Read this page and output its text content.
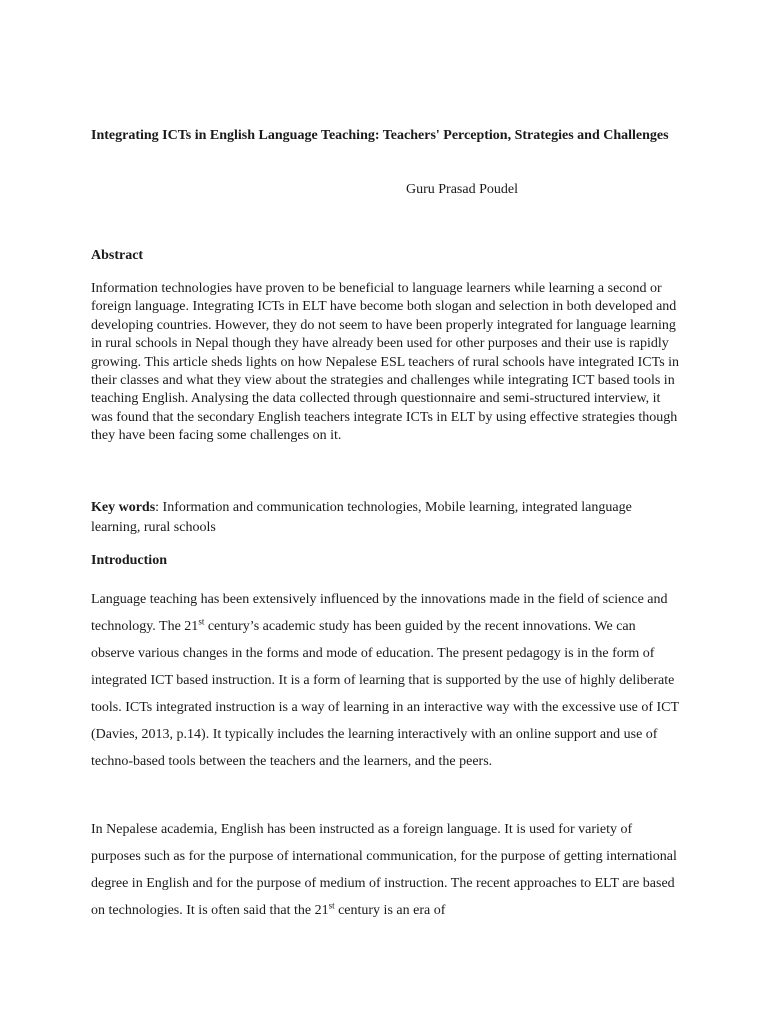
Integrating ICTs in English Language Teaching: Teachers' Perception, Strategies and Challenges
Guru Prasad Poudel
Abstract
Information technologies have proven to be beneficial to language learners while learning a second or foreign language. Integrating ICTs in ELT have become both slogan and selection in both developed and developing countries. However, they do not seem to have been properly integrated for language learning in rural schools in Nepal though they have already been used for other purposes and their use is rapidly growing. This article sheds lights on how Nepalese ESL teachers of rural schools have integrated ICTs in their classes and what they view about the strategies and challenges while integrating ICT based tools in teaching English. Analysing the data collected through questionnaire and semi-structured interview, it was found that the secondary English teachers integrate ICTs in ELT by using effective strategies though they have been facing some challenges on it.
Key words: Information and communication technologies, Mobile learning, integrated language learning, rural schools
Introduction
Language teaching has been extensively influenced by the innovations made in the field of science and technology. The 21st century’s academic study has been guided by the recent innovations. We can observe various changes in the forms and mode of education. The present pedagogy is in the form of integrated ICT based instruction. It is a form of learning that is supported by the use of highly deliberate tools. ICTs integrated instruction is a way of learning in an interactive way with the excessive use of ICT (Davies, 2013, p.14). It typically includes the learning interactively with an online support and use of techno-based tools between the teachers and the learners, and the peers.
In Nepalese academia, English has been instructed as a foreign language. It is used for variety of purposes such as for the purpose of international communication, for the purpose of getting international degree in English and for the purpose of medium of instruction. The recent approaches to ELT are based on technologies. It is often said that the 21st century is an era of
